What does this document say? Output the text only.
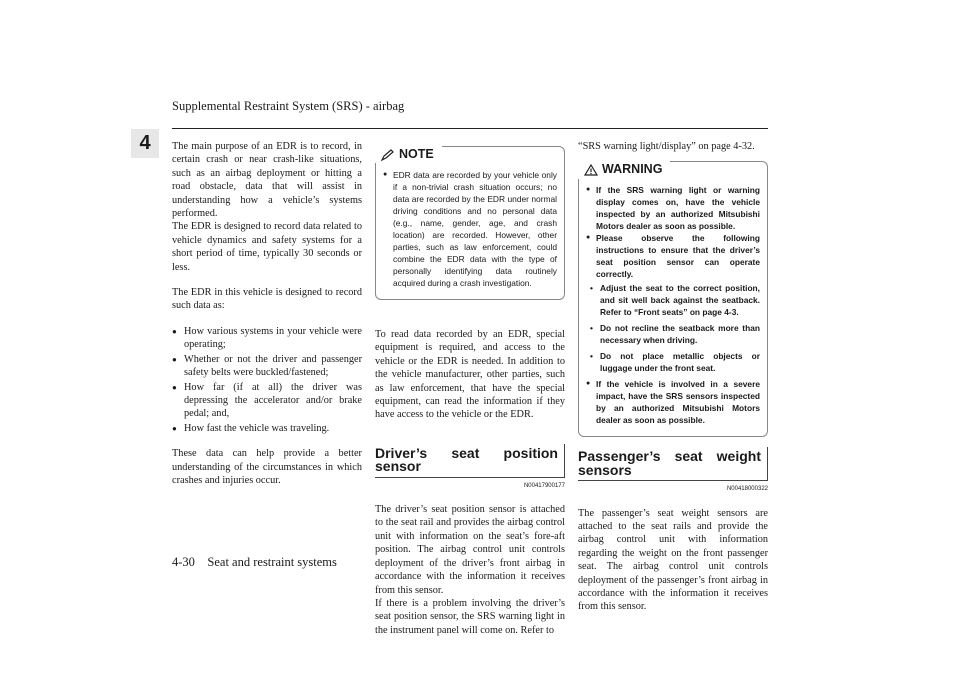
Supplemental Restraint System (SRS) - airbag
4	The main purpose of an EDR is to record, in certain crash or near crash-like situations, such as an airbag deployment or hitting a road obstacle, data that will assist in understanding how a vehicle’s systems performed.

The EDR is designed to record data related to vehicle dynamics and safety systems for a short period of time, typically 30 seconds or less.

The EDR in this vehicle is designed to record such data as:

● How various systems in your vehicle were operating;
● Whether or not the driver and passenger safety belts were buckled/fastened;
● How far (if at all) the driver was depressing the accelerator and/or brake pedal; and,
● How fast the vehicle was traveling.

These data can help provide a better understanding of the circumstances in which crashes and injuries occur.

NOTE
● EDR data are recorded by your vehicle only if a non-trivial crash situation occurs; no data are recorded by the EDR under normal driving conditions and no personal data (e.g., name, gender, age, and crash location) are recorded. However, other parties, such as law enforcement, could combine the EDR data with the type of personally identifying data routinely acquired during a crash investigation.

To read data recorded by an EDR, special equipment is required, and access to the vehicle or the EDR is needed. In addition to the vehicle manufacturer, other parties, such as law enforcement, that have the special equipment, can read the information if they have access to the vehicle or the EDR.

Driver’s seat position sensor
N00417900177

The driver’s seat position sensor is attached to the seat rail and provides the airbag control unit with information on the seat’s fore-aft position. The airbag control unit controls deployment of the driver’s front airbag in accordance with the information it receives from this sensor.

If there is a problem involving the driver’s seat position sensor, the SRS warning light in the instrument panel will come on. Refer to

“SRS warning light/display” on page 4-32.

WARNING
● If the SRS warning light or warning display comes on, have the vehicle inspected by an authorized Mitsubishi Motors dealer as soon as possible.
● Please observe the following instructions to ensure that the driver’s seat position sensor can operate correctly.
• Adjust the seat to the correct position, and sit well back against the seatback. Refer to “Front seats” on page 4-3.
• Do not recline the seatback more than necessary when driving.
• Do not place metallic objects or luggage under the front seat.
● If the vehicle is involved in a severe impact, have the SRS sensors inspected by an authorized Mitsubishi Motors dealer as soon as possible.
Passenger’s seat weight sensors
N00418000322

The passenger’s seat weight sensors are attached to the seat rails and provide the airbag control unit with information regarding the weight on the front passenger seat. The airbag control unit controls deployment of the passenger’s front airbag in accordance with the information it receives from this sensor.

4-30    Seat and restraint systems
